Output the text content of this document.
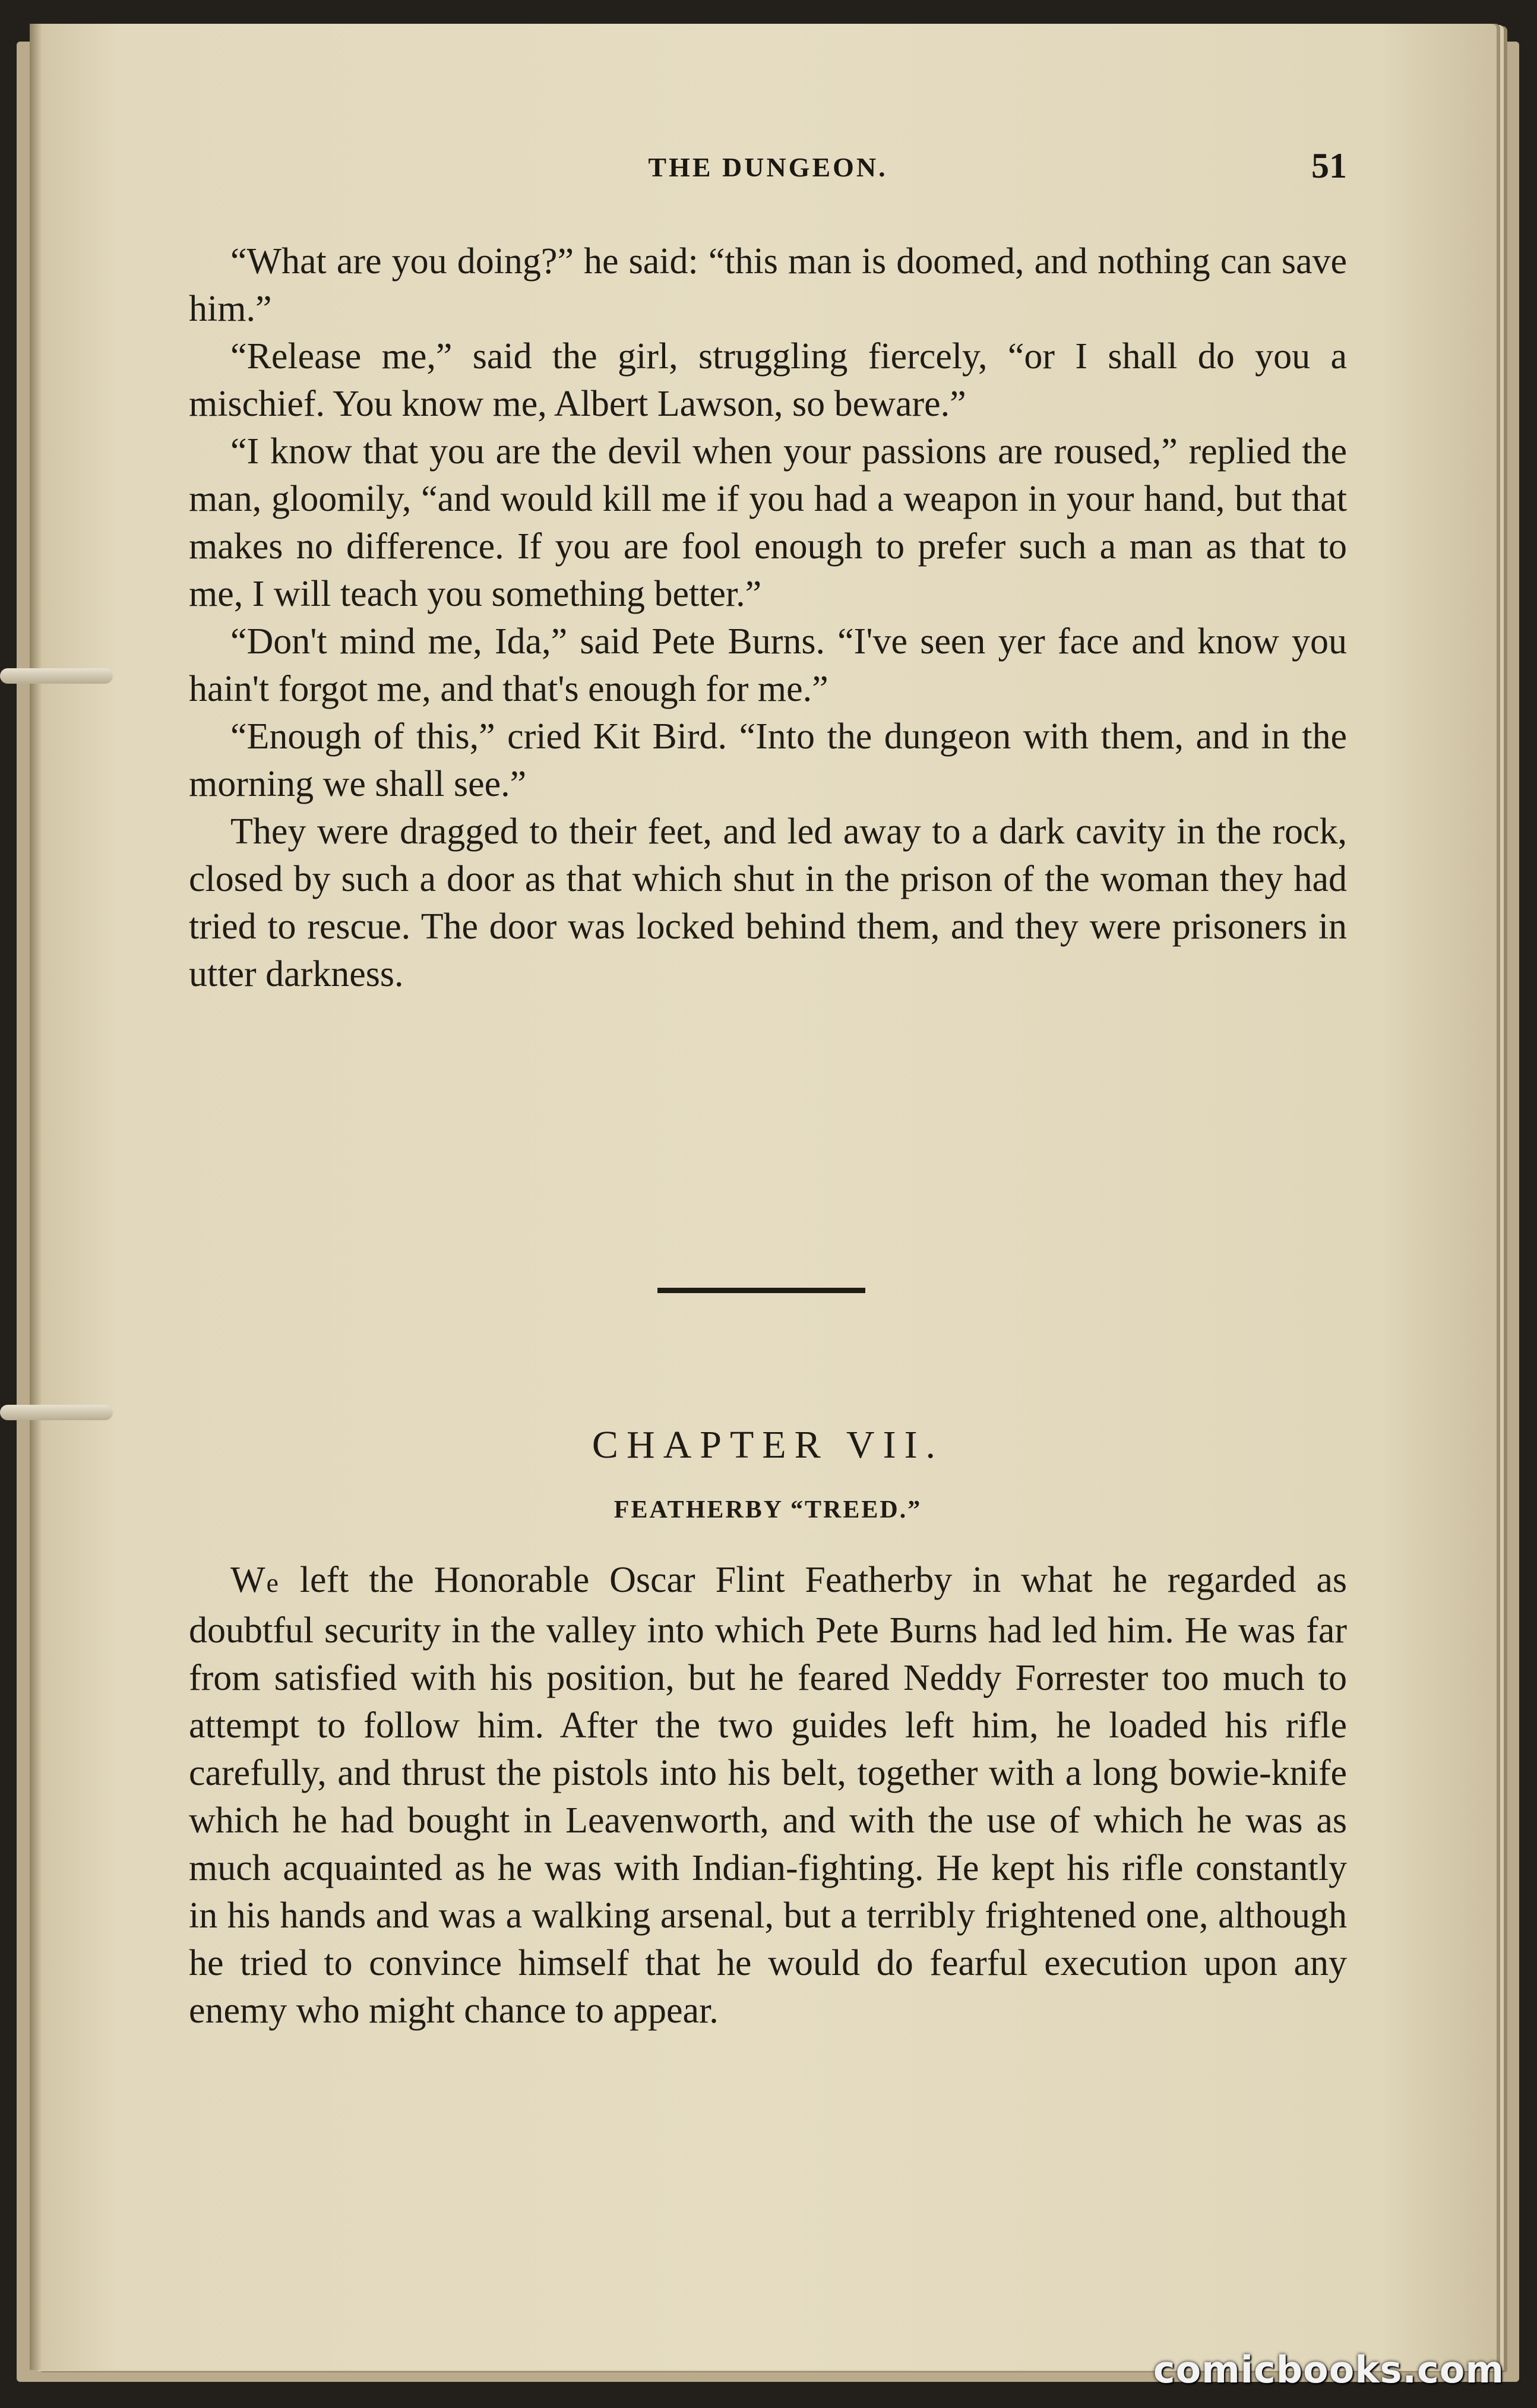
THE DUNGEON.	51

“What are you doing?” he said: “this man is doomed, and nothing can save him.”

“Release me,” said the girl, struggling fiercely, “or I shall do you a mischief. You know me, Albert Lawson, so beware.”

“I know that you are the devil when your passions are roused,” replied the man, gloomily, “and would kill me if you had a weapon in your hand, but that makes no difference. If you are fool enough to prefer such a man as that to me, I will teach you something better.”

“Don't mind me, Ida,” said Pete Burns. “I've seen yer face and know you hain't forgot me, and that's enough for me.”

“Enough of this,” cried Kit Bird. “Into the dungeon with them, and in the morning we shall see.”

They were dragged to their feet, and led away to a dark cavity in the rock, closed by such a door as that which shut in the prison of the woman they had tried to rescue. The door was locked behind them, and they were prisoners in utter darkness.

CHAPTER VII.
FEATHERBY “TREED.”

We left the Honorable Oscar Flint Featherby in what he regarded as doubtful security in the valley into which Pete Burns had led him. He was far from satisfied with his position, but he feared Neddy Forrester too much to attempt to follow him. After the two guides left him, he loaded his rifle carefully, and thrust the pistols into his belt, together with a long bowie-knife which he had bought in Leavenworth, and with the use of which he was as much acquainted as he was with Indian-fighting. He kept his rifle constantly in his hands and was a walking arsenal, but a terribly frightened one, although he tried to convince himself that he would do fearful execution upon any enemy who might chance to appear.

comicbooks.com
